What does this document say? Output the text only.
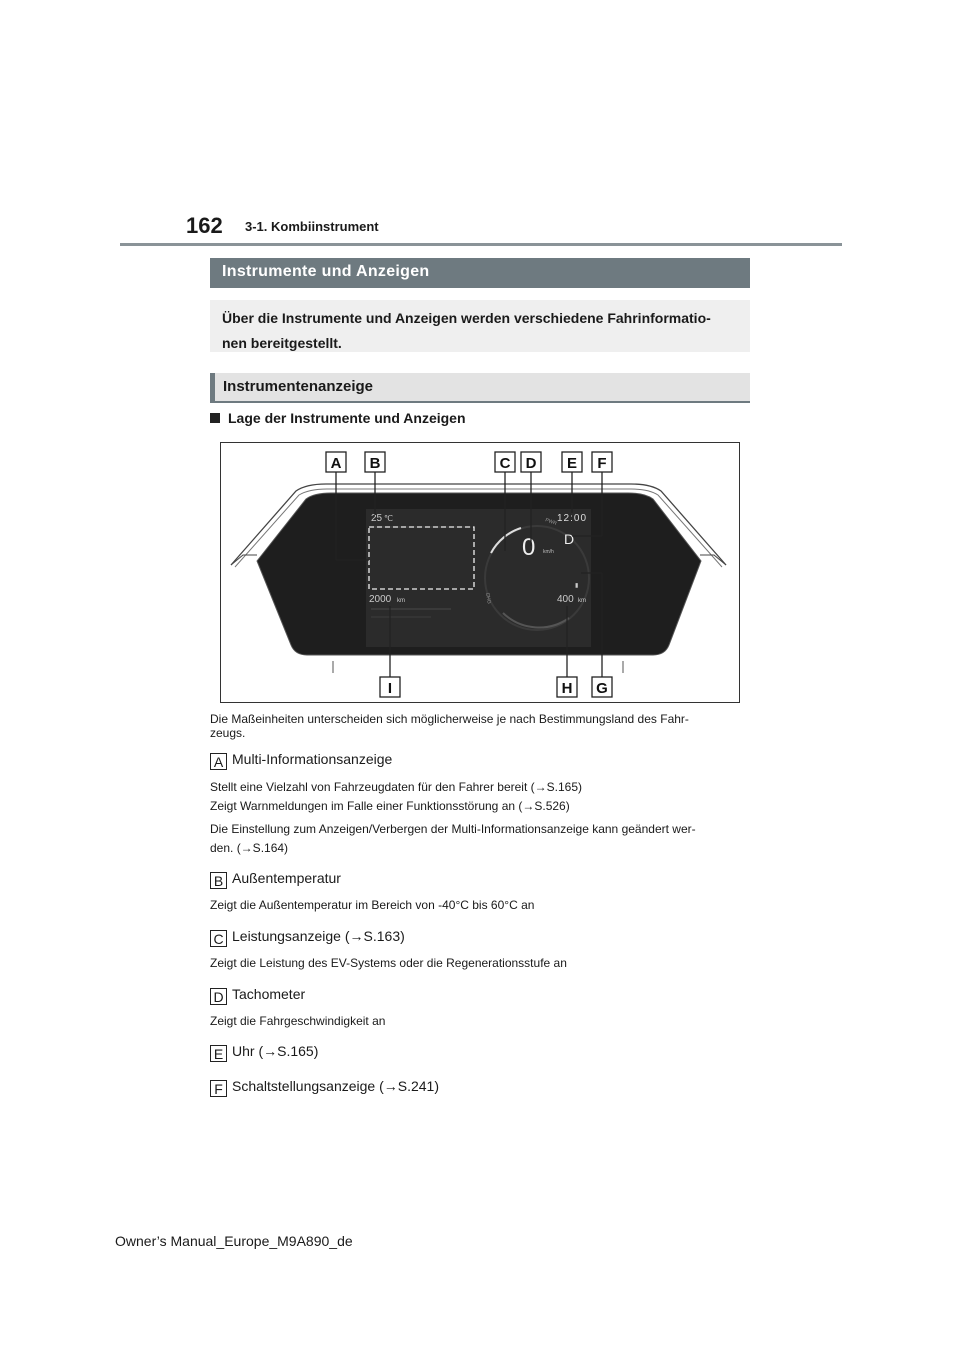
162 3-1. Kombiinstrument
Instrumente und Anzeigen
Über die Instrumente und Anzeigen werden verschiedene Fahrinformatio-
nen bereitgestellt.
Instrumentenanzeige
Lage der Instrumente und Anzeigen
PWR
CHG
25 ℃	12:00
0 km/h
D
▮
2000 km	400 km
A B	C D E F
G
H
I
Die Maßeinheiten unterscheiden sich möglicherweise je nach Bestimmungsland des Fahr-
zeugs.
A Multi-Informationsanzeige
Stellt eine Vielzahl von Fahrzeugdaten für den Fahrer bereit (→S.165)
Zeigt Warnmeldungen im Falle einer Funktionsstörung an (→S.526)
Die Einstellung zum Anzeigen/Verbergen der Multi-Informationsanzeige kann geändert wer-
den. (→S.164)
B Außentemperatur
Zeigt die Außentemperatur im Bereich von -40°C bis 60°C an
C Leistungsanzeige (→S.163)
Zeigt die Leistung des EV-Systems oder die Regenerationsstufe an
D Tachometer
Zeigt die Fahrgeschwindigkeit an
E Uhr (→S.165)
F Schaltstellungsanzeige (→S.241)
Owner’s Manual_Europe_M9A890_de
